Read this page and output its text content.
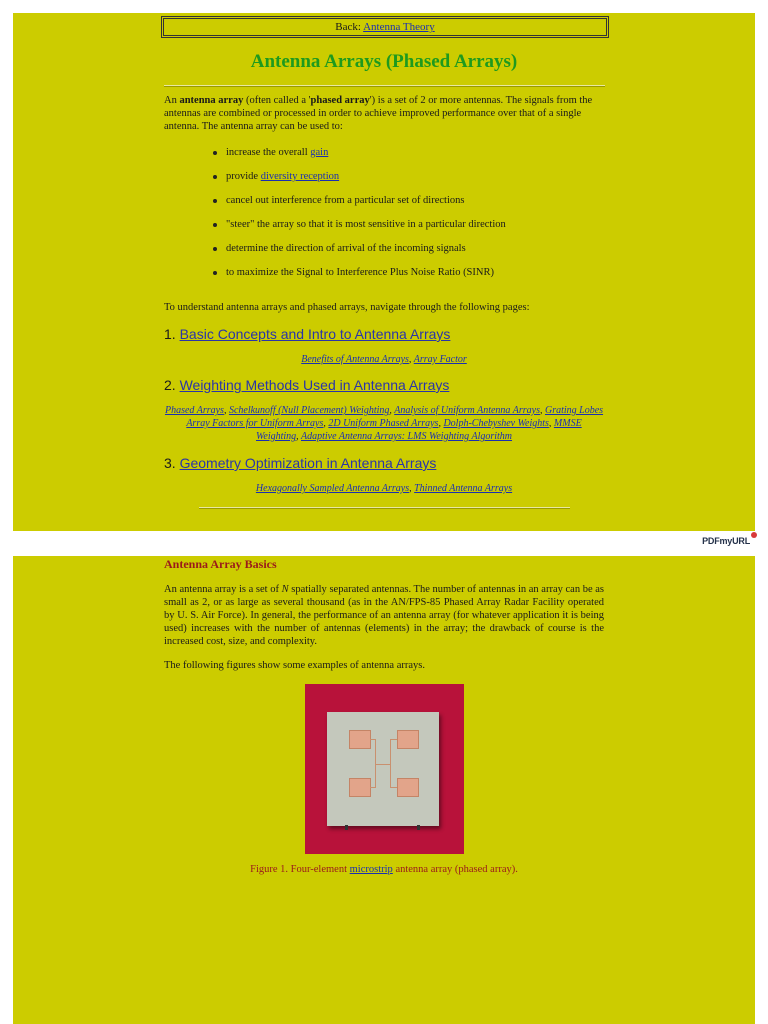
Back: Antenna Theory
Antenna Arrays (Phased Arrays)
An antenna array (often called a 'phased array') is a set of 2 or more antennas. The signals from the antennas are combined or processed in order to achieve improved performance over that of a single antenna. The antenna array can be used to:
increase the overall gain
provide diversity reception
cancel out interference from a particular set of directions
"steer" the array so that it is most sensitive in a particular direction
determine the direction of arrival of the incoming signals
to maximize the Signal to Interference Plus Noise Ratio (SINR)
To understand antenna arrays and phased arrays, navigate through the following pages:
1. Basic Concepts and Intro to Antenna Arrays
Benefits of Antenna Arrays, Array Factor
2. Weighting Methods Used in Antenna Arrays
Phased Arrays, Schelkunoff (Null Placement) Weighting, Analysis of Uniform Antenna Arrays, Grating Lobes Array Factors for Uniform Arrays, 2D Uniform Phased Arrays, Dolph-Chebyshev Weights, MMSE Weighting, Adaptive Antenna Arrays: LMS Weighting Algorithm
3. Geometry Optimization in Antenna Arrays
Hexagonally Sampled Antenna Arrays, Thinned Antenna Arrays
PDFmyURL
Antenna Array Basics
An antenna array is a set of N spatially separated antennas. The number of antennas in an array can be as small as 2, or as large as several thousand (as in the AN/FPS-85 Phased Array Radar Facility operated by U. S. Air Force). In general, the performance of an antenna array (for whatever application it is being used) increases with the number of antennas (elements) in the array; the drawback of course is the increased cost, size, and complexity.
The following figures show some examples of antenna arrays.
Figure 1. Four-element microstrip antenna array (phased array).
